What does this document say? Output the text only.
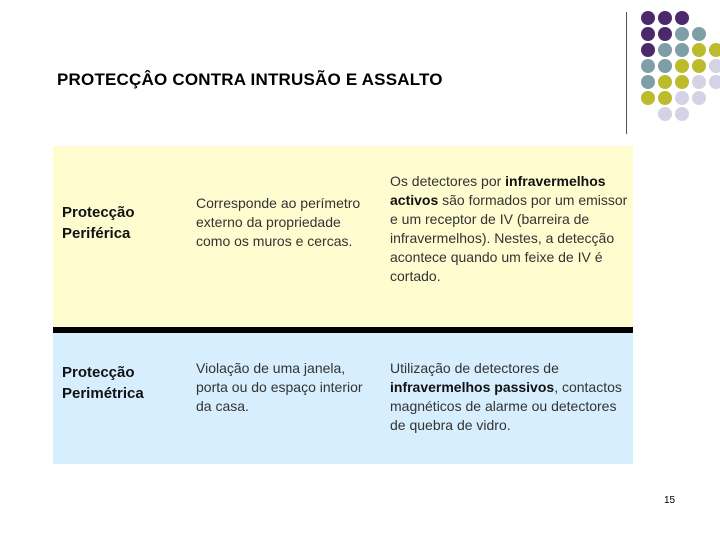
PROTECÇÂO CONTRA INTRUSÃO E ASSALTO
Protecção Periférica
Corresponde ao perímetro externo da propriedade como os muros e cercas.
Os detectores por infravermelhos activos são formados por um emissor e um receptor de IV (barreira de infravermelhos). Nestes, a detecção acontece quando um feixe de IV é cortado.
Protecção Perimétrica
Violação de uma janela, porta ou do espaço interior da casa.
Utilização de detectores de infravermelhos passivos, contactos magnéticos de alarme ou detectores de quebra de vidro.
15
